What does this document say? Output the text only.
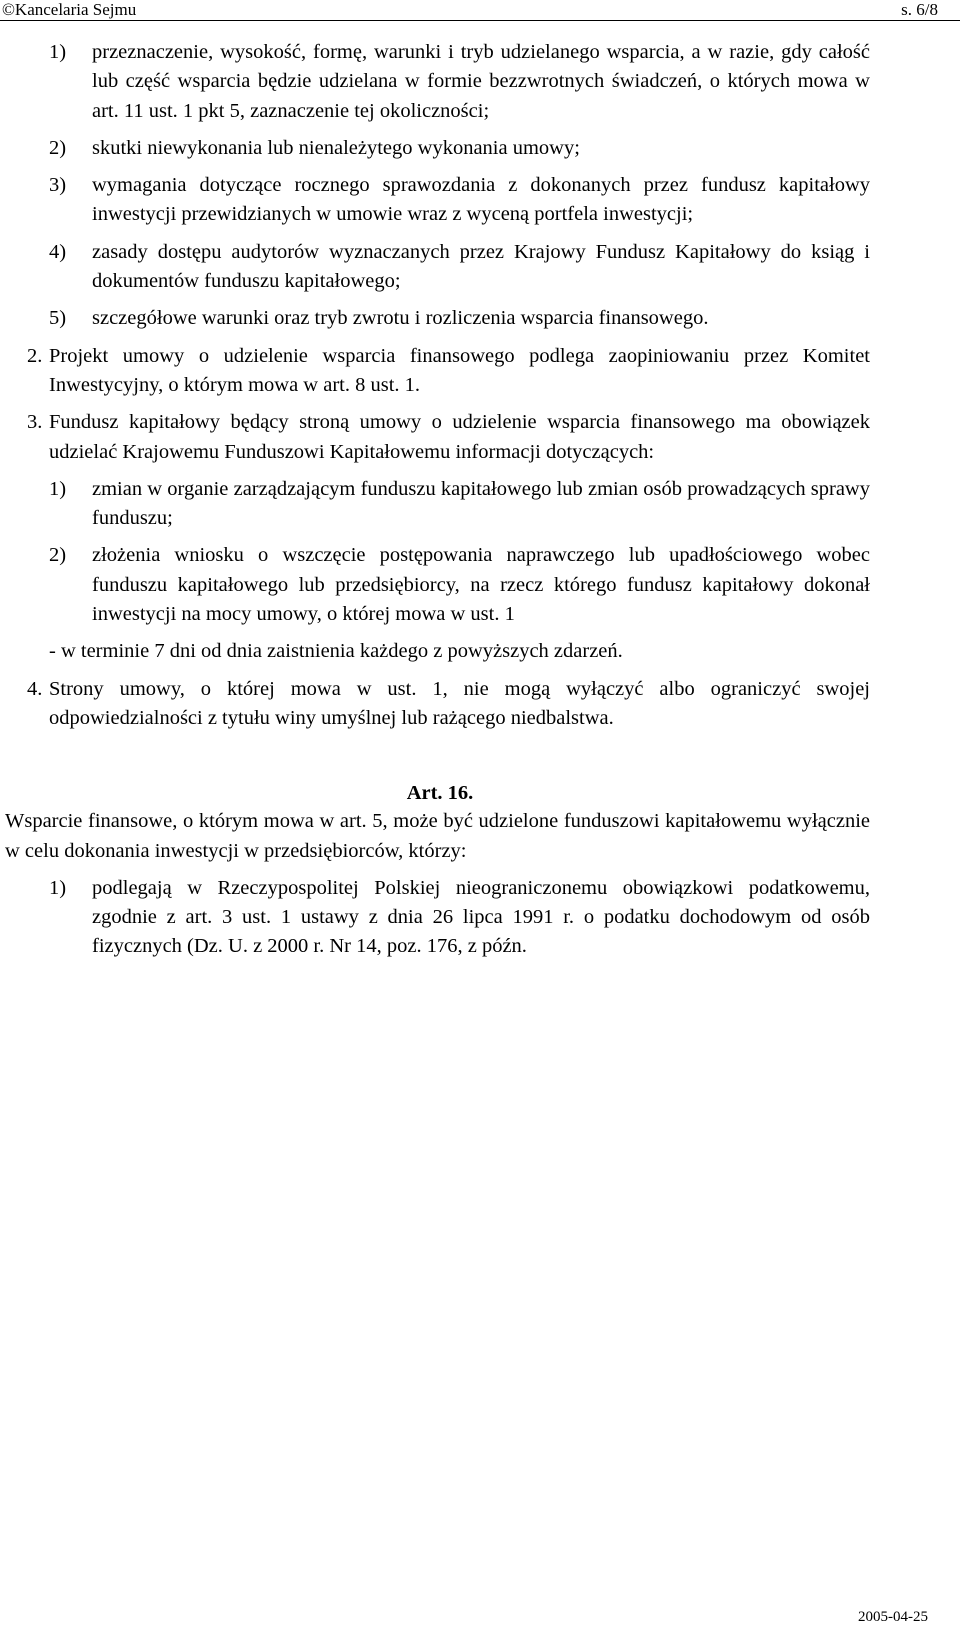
©Kancelaria Sejmu	s. 6/8

1) przeznaczenie, wysokość, formę, warunki i tryb udzielanego wsparcia, a w razie, gdy całość lub część wsparcia będzie udzielana w formie bezzwrotnych świadczeń, o których mowa w art. 11 ust. 1 pkt 5, zaznaczenie tej okoliczności;

2) skutki niewykonania lub nienależytego wykonania umowy;

3) wymagania dotyczące rocznego sprawozdania z dokonanych przez fundusz kapitałowy inwestycji przewidzianych w umowie wraz z wyceną portfela inwestycji;

4) zasady dostępu audytorów wyznaczanych przez Krajowy Fundusz Kapitałowy do ksiąg i dokumentów funduszu kapitałowego;

5) szczegółowe warunki oraz tryb zwrotu i rozliczenia wsparcia finansowego.

2. Projekt umowy o udzielenie wsparcia finansowego podlega zaopiniowaniu przez Komitet Inwestycyjny, o którym mowa w art. 8 ust. 1.

3. Fundusz kapitałowy będący stroną umowy o udzielenie wsparcia finansowego ma obowiązek udzielać Krajowemu Funduszowi Kapitałowemu informacji dotyczących:

1) zmian w organie zarządzającym funduszu kapitałowego lub zmian osób prowadzących sprawy funduszu;

2) złożenia wniosku o wszczęcie postępowania naprawczego lub upadłościowego wobec funduszu kapitałowego lub przedsiębiorcy, na rzecz którego fundusz kapitałowy dokonał inwestycji na mocy umowy, o której mowa w ust. 1

- w terminie 7 dni od dnia zaistnienia każdego z powyższych zdarzeń.

4. Strony umowy, o której mowa w ust. 1, nie mogą wyłączyć albo ograniczyć swojej odpowiedzialności z tytułu winy umyślnej lub rażącego niedbalstwa.

Art. 16.

Wsparcie finansowe, o którym mowa w art. 5, może być udzielone funduszowi kapitałowemu wyłącznie w celu dokonania inwestycji w przedsiębiorców, którzy:

1) podlegają w Rzeczypospolitej Polskiej nieograniczonemu obowiązkowi podatkowemu, zgodnie z art. 3 ust. 1 ustawy z dnia 26 lipca 1991 r. o podatku dochodowym od osób fizycznych (Dz. U. z 2000 r. Nr 14, poz. 176, z późn.

2005-04-25
